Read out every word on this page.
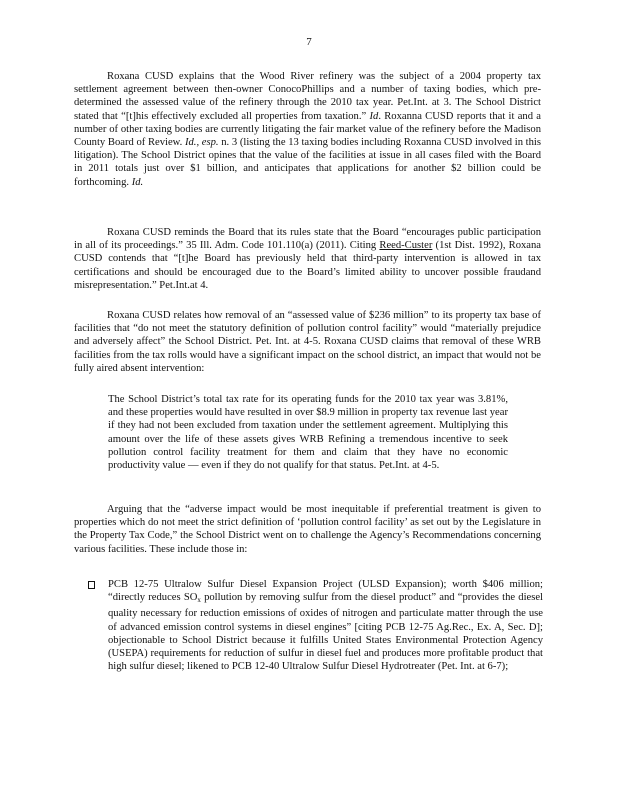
7

Roxana CUSD explains that the Wood River refinery was the subject of a 2004 property tax settlement agreement between then-owner ConocoPhillips and a number of taxing bodies, which pre-determined the assessed value of the refinery through the 2010 tax year. Pet.Int. at 3. The School District stated that “[t]his effectively excluded all properties from taxation.” Id. Roxanna CUSD reports that it and a number of other taxing bodies are currently litigating the fair market value of the refinery before the Madison County Board of Review. Id., esp. n. 3 (listing the 13 taxing bodies including Roxanna CUSD involved in this litigation). The School District opines that the value of the facilities at issue in all cases filed with the Board in 2011 totals just over $1 billion, and anticipates that applications for another $2 billion could be forthcoming. Id.

Roxana CUSD reminds the Board that its rules state that the Board “encourages public participation in all of its proceedings.” 35 Ill. Adm. Code 101.110(a) (2011). Citing Reed-Custer (1st Dist. 1992), Roxana CUSD contends that “[t]he Board has previously held that third-party intervention is allowed in tax certifications and should be encouraged due to the Board’s limited ability to uncover possible fraudand misrepresentation.” Pet.Int.at 4.

Roxana CUSD relates how removal of an “assessed value of $236 million” to its property tax base of facilities that “do not meet the statutory definition of pollution control facility” would “materially prejudice and adversely affect” the School District. Pet. Int. at 4-5. Roxana CUSD claims that removal of these WRB facilities from the tax rolls would have a significant impact on the school district, an impact that would not be fully aired absent intervention:

The School District’s total tax rate for its operating funds for the 2010 tax year was 3.81%, and these properties would have resulted in over $8.9 million in property tax revenue last year if they had not been excluded from taxation under the settlement agreement. Multiplying this amount over the life of these assets gives WRB Refining a tremendous incentive to seek pollution control facility treatment for them and claim that they have no economic productivity value — even if they do not qualify for that status. Pet.Int. at 4-5.

Arguing that the “adverse impact would be most inequitable if preferential treatment is given to properties which do not meet the strict definition of ‘pollution control facility’ as set out by the Legislature in the Property Tax Code,” the School District went on to challenge the Agency’s Recommendations concerning various facilities. These include those in:

PCB 12-75 Ultralow Sulfur Diesel Expansion Project (ULSD Expansion); worth $406 million; “directly reduces $SO_x$ pollution by removing sulfur from the diesel product” and “provides the diesel quality necessary for reduction emissions of oxides of nitrogen and particulate matter through the use of advanced emission control systems in diesel engines” [citing PCB 12-75 Ag.Rec., Ex. A, Sec. D]; objectionable to School District because it fulfills United States Environmental Protection Agency (USEPA) requirements for reduction of sulfur in diesel fuel and produces more profitable product that high sulfur diesel; likened to PCB 12-40 Ultralow Sulfur Diesel Hydrotreater (Pet. Int. at 6-7);
